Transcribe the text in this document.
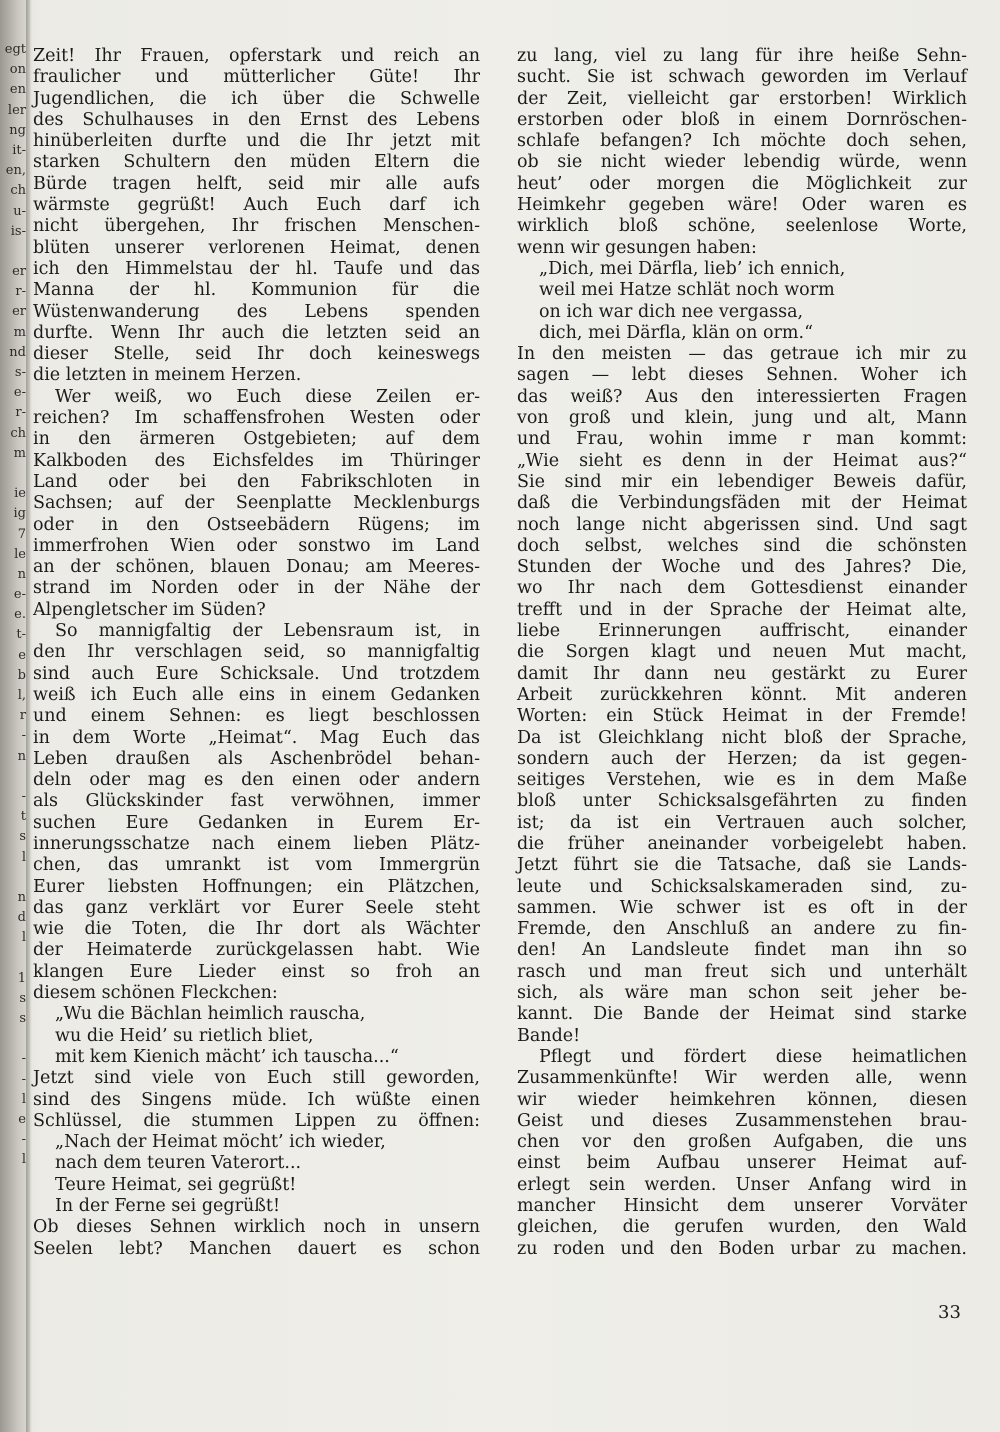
egt
on
en
ler
ng
it-
en,
ch
u-
is-
er
r-
er
m
nd
s-
e-
r-
ch
m
ie
ig
7
le
n
e-
e.
t-
e
b
l,
r
-
n
-
t
s
l
n
d
l
1
s
s
-
-
l
e
-
l
Zeit! Ihr Frauen, opferstark und reich an
fraulicher und mütterlicher Güte! Ihr
Jugendlichen, die ich über die Schwelle
des Schulhauses in den Ernst des Lebens
hinüberleiten durfte und die Ihr jetzt mit
starken Schultern den müden Eltern die
Bürde tragen helft, seid mir alle aufs
wärmste gegrüßt! Auch Euch darf ich
nicht übergehen, Ihr frischen Menschen-
blüten unserer verlorenen Heimat, denen
ich den Himmelstau der hl. Taufe und das
Manna der hl. Kommunion für die
Wüstenwanderung des Lebens spenden
durfte. Wenn Ihr auch die letzten seid an
dieser Stelle, seid Ihr doch keineswegs
die letzten in meinem Herzen.
Wer weiß, wo Euch diese Zeilen er-
reichen? Im schaffensfrohen Westen oder
in den ärmeren Ostgebieten; auf dem
Kalkboden des Eichsfeldes im Thüringer
Land oder bei den Fabrikschloten in
Sachsen; auf der Seenplatte Mecklenburgs
oder in den Ostseebädern Rügens; im
immerfrohen Wien oder sonstwo im Land
an der schönen, blauen Donau; am Meeres-
strand im Norden oder in der Nähe der
Alpengletscher im Süden?
So mannigfaltig der Lebensraum ist, in
den Ihr verschlagen seid, so mannigfaltig
sind auch Eure Schicksale. Und trotzdem
weiß ich Euch alle eins in einem Gedanken
und einem Sehnen: es liegt beschlossen
in dem Worte „Heimat“. Mag Euch das
Leben draußen als Aschenbrödel behan-
deln oder mag es den einen oder andern
als Glückskinder fast verwöhnen, immer
suchen Eure Gedanken in Eurem Er-
innerungsschatze nach einem lieben Plätz-
chen, das umrankt ist vom Immergrün
Eurer liebsten Hoffnungen; ein Plätzchen,
das ganz verklärt vor Eurer Seele steht
wie die Toten, die Ihr dort als Wächter
der Heimaterde zurückgelassen habt. Wie
klangen Eure Lieder einst so froh an
diesem schönen Fleckchen:
„Wu die Bächlan heimlich rauscha,
wu die Heid’ su rietlich bliet,
mit kem Kienich mächt’ ich tauscha...“
Jetzt sind viele von Euch still geworden,
sind des Singens müde. Ich wüßte einen
Schlüssel, die stummen Lippen zu öffnen:
„Nach der Heimat möcht’ ich wieder,
nach dem teuren Vaterort...
Teure Heimat, sei gegrüßt!
In der Ferne sei gegrüßt!
Ob dieses Sehnen wirklich noch in unsern
Seelen lebt? Manchen dauert es schon
zu lang, viel zu lang für ihre heiße Sehn-
sucht. Sie ist schwach geworden im Verlauf
der Zeit, vielleicht gar erstorben! Wirklich
erstorben oder bloß in einem Dornröschen-
schlafe befangen? Ich möchte doch sehen,
ob sie nicht wieder lebendig würde, wenn
heut’ oder morgen die Möglichkeit zur
Heimkehr gegeben wäre! Oder waren es
wirklich bloß schöne, seelenlose Worte,
wenn wir gesungen haben:
„Dich, mei Därfla, lieb’ ich ennich,
weil mei Hatze schlät noch worm
on ich war dich nee vergassa,
dich, mei Därfla, klän on orm.“
In den meisten — das getraue ich mir zu
sagen — lebt dieses Sehnen. Woher ich
das weiß? Aus den interessierten Fragen
von groß und klein, jung und alt, Mann
und Frau, wohin imme r man kommt:
„Wie sieht es denn in der Heimat aus?“
Sie sind mir ein lebendiger Beweis dafür,
daß die Verbindungsfäden mit der Heimat
noch lange nicht abgerissen sind. Und sagt
doch selbst, welches sind die schönsten
Stunden der Woche und des Jahres? Die,
wo Ihr nach dem Gottesdienst einander
trefft und in der Sprache der Heimat alte,
liebe Erinnerungen auffrischt, einander
die Sorgen klagt und neuen Mut macht,
damit Ihr dann neu gestärkt zu Eurer
Arbeit zurückkehren könnt. Mit anderen
Worten: ein Stück Heimat in der Fremde!
Da ist Gleichklang nicht bloß der Sprache,
sondern auch der Herzen; da ist gegen-
seitiges Verstehen, wie es in dem Maße
bloß unter Schicksalsgefährten zu finden
ist; da ist ein Vertrauen auch solcher,
die früher aneinander vorbeigelebt haben.
Jetzt führt sie die Tatsache, daß sie Lands-
leute und Schicksalskameraden sind, zu-
sammen. Wie schwer ist es oft in der
Fremde, den Anschluß an andere zu fin-
den! An Landsleute findet man ihn so
rasch und man freut sich und unterhält
sich, als wäre man schon seit jeher be-
kannt. Die Bande der Heimat sind starke
Bande!
Pflegt und fördert diese heimatlichen
Zusammenkünfte! Wir werden alle, wenn
wir wieder heimkehren können, diesen
Geist und dieses Zusammenstehen brau-
chen vor den großen Aufgaben, die uns
einst beim Aufbau unserer Heimat auf-
erlegt sein werden. Unser Anfang wird in
mancher Hinsicht dem unserer Vorväter
gleichen, die gerufen wurden, den Wald
zu roden und den Boden urbar zu machen.
33
